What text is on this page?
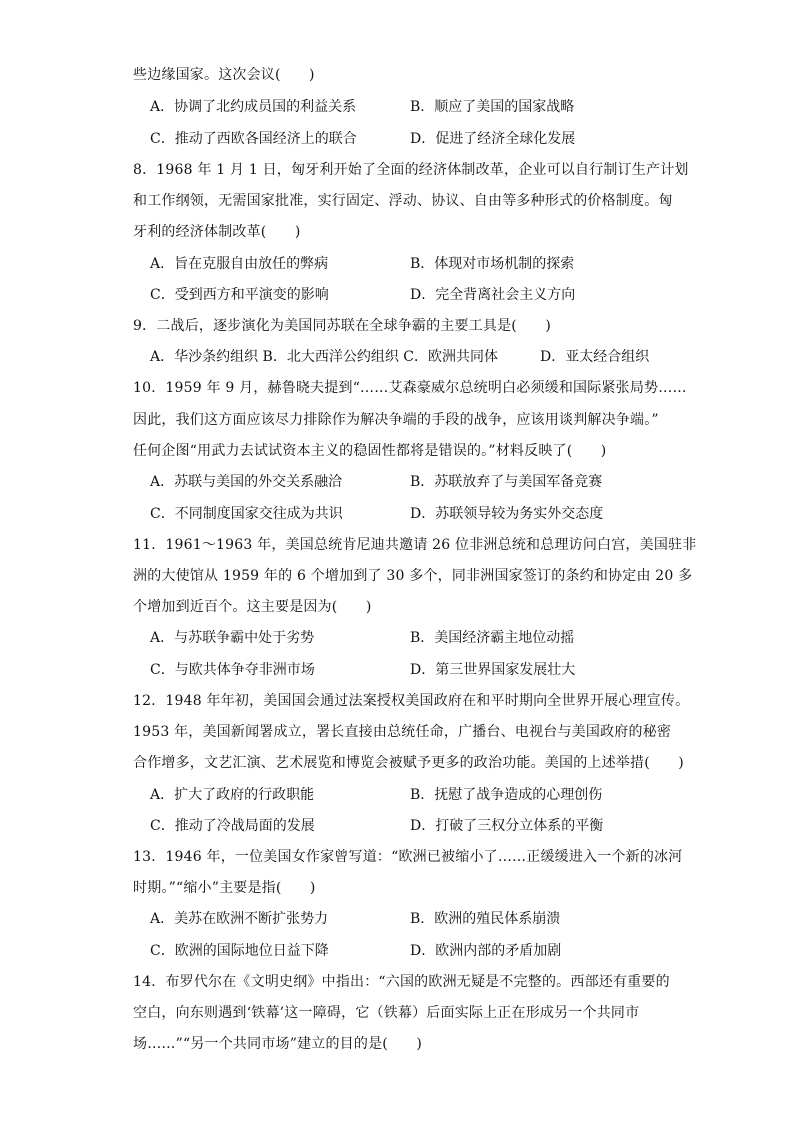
些边缘国家。这次会议(　　)
A．协调了北约成员国的利益关系	B．顺应了美国的国家战略
C．推动了西欧各国经济上的联合	D．促进了经济全球化发展
8．1968 年 1 月 1 日，匈牙利开始了全面的经济体制改革，企业可以自行制订生产计划
和工作纲领，无需国家批准，实行固定、浮动、协议、自由等多种形式的价格制度。匈
牙利的经济体制改革(　　)
A．旨在克服自由放任的弊病	B．体现对市场机制的探索
C．受到西方和平演变的影响	D．完全背离社会主义方向
9．二战后，逐步演化为美国同苏联在全球争霸的主要工具是(　　)
A．华沙条约组织 B．北大西洋公约组织 C．欧洲共同体　　　D．亚太经合组织
10．1959 年 9 月，赫鲁晓夫提到“……艾森豪威尔总统明白必须缓和国际紧张局势……
因此，我们这方面应该尽力排除作为解决争端的手段的战争，应该用谈判解决争端。”
任何企图“用武力去试试资本主义的稳固性都将是错误的。”材料反映了(　　)
A．苏联与美国的外交关系融洽	B．苏联放弃了与美国军备竞赛
C．不同制度国家交往成为共识	D．苏联领导较为务实外交态度
11．1961～1963 年，美国总统肯尼迪共邀请 26 位非洲总统和总理访问白宫，美国驻非
洲的大使馆从 1959 年的 6 个增加到了 30 多个，同非洲国家签订的条约和协定由 20 多
个增加到近百个。这主要是因为(　　)
A．与苏联争霸中处于劣势	B．美国经济霸主地位动摇
C．与欧共体争夺非洲市场	D．第三世界国家发展壮大
12．1948 年年初，美国国会通过法案授权美国政府在和平时期向全世界开展心理宣传。
1953 年，美国新闻署成立，署长直接由总统任命，广播台、电视台与美国政府的秘密
合作增多，文艺汇演、艺术展览和博览会被赋予更多的政治功能。美国的上述举措(　　)
A．扩大了政府的行政职能	B．抚慰了战争造成的心理创伤
C．推动了冷战局面的发展	D．打破了三权分立体系的平衡
13．1946 年，一位美国女作家曾写道：“欧洲已被缩小了……正缓缓进入一个新的冰河
时期。”“缩小”主要是指(　　)
A．美苏在欧洲不断扩张势力	B．欧洲的殖民体系崩溃
C．欧洲的国际地位日益下降	D．欧洲内部的矛盾加剧
14．布罗代尔在《文明史纲》中指出：“六国的欧洲无疑是不完整的。西部还有重要的
空白，向东则遇到‘铁幕’这一障碍，它（铁幕）后面实际上正在形成另一个共同市
场……”“另一个共同市场”建立的目的是(　　)
